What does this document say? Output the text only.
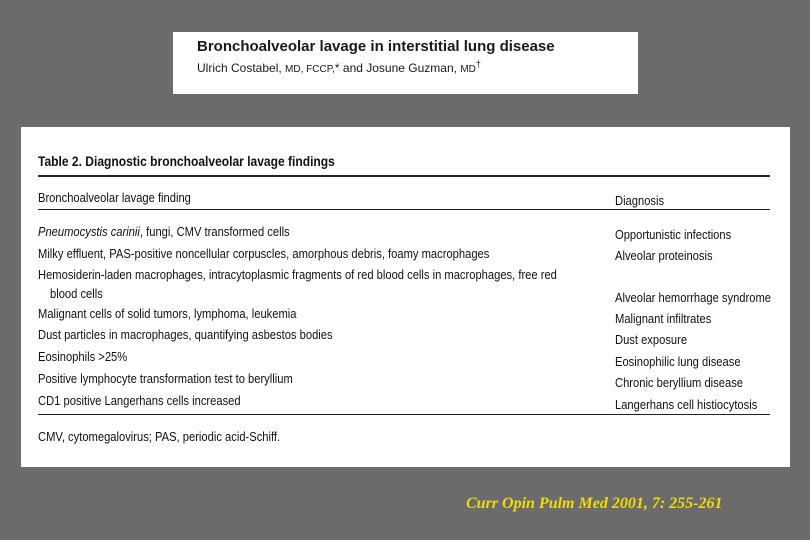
Bronchoalveolar lavage in interstitial lung disease
Ulrich Costabel, MD, FCCP,* and Josune Guzman, MD†
Table 2. Diagnostic bronchoalveolar lavage findings
Bronchoalveolar lavage finding	Diagnosis
Pneumocystis carinii, fungi, CMV transformed cells	Opportunistic infections
Milky effluent, PAS-positive noncellular corpuscles, amorphous debris, foamy macrophages	Alveolar proteinosis
Hemosiderin-laden macrophages, intracytoplasmic fragments of red blood cells in macrophages, free red
blood cells	Alveolar hemorrhage syndrome
Malignant cells of solid tumors, lymphoma, leukemia	Malignant infiltrates
Dust particles in macrophages, quantifying asbestos bodies	Dust exposure
Eosinophils >25%	Eosinophilic lung disease
Positive lymphocyte transformation test to beryllium	Chronic beryllium disease
CD1 positive Langerhans cells increased	Langerhans cell histiocytosis
CMV, cytomegalovirus; PAS, periodic acid-Schiff.
Curr Opin Pulm Med 2001, 7: 255-261
